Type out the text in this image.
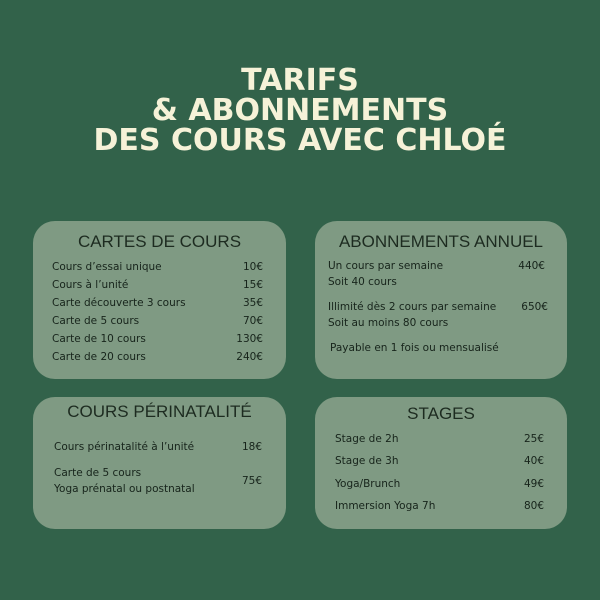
TARIFS
& ABONNEMENTS
DES COURS AVEC CHLOÉ
CARTES DE COURS
Cours d’essai unique	10€
Cours à l’unité	15€
Carte découverte 3 cours	35€
Carte de 5 cours	70€
Carte de 10 cours	130€
Carte de 20 cours	240€
ABONNEMENTS ANNUEL
Un cours par semaine	440€
Soit 40 cours
Illimité dès 2 cours par semaine 650€
Soit au moins 80 cours
Payable en 1 fois ou mensualisé
COURS PÉRINATALITÉ
Cours périnatalité à l’unité	18€
Carte de 5 cours
Yoga prénatal ou postnatal
75€
STAGES
Stage de 2h	25€
Stage de 3h	40€
Yoga/Brunch	49€
Immersion Yoga 7h	80€
